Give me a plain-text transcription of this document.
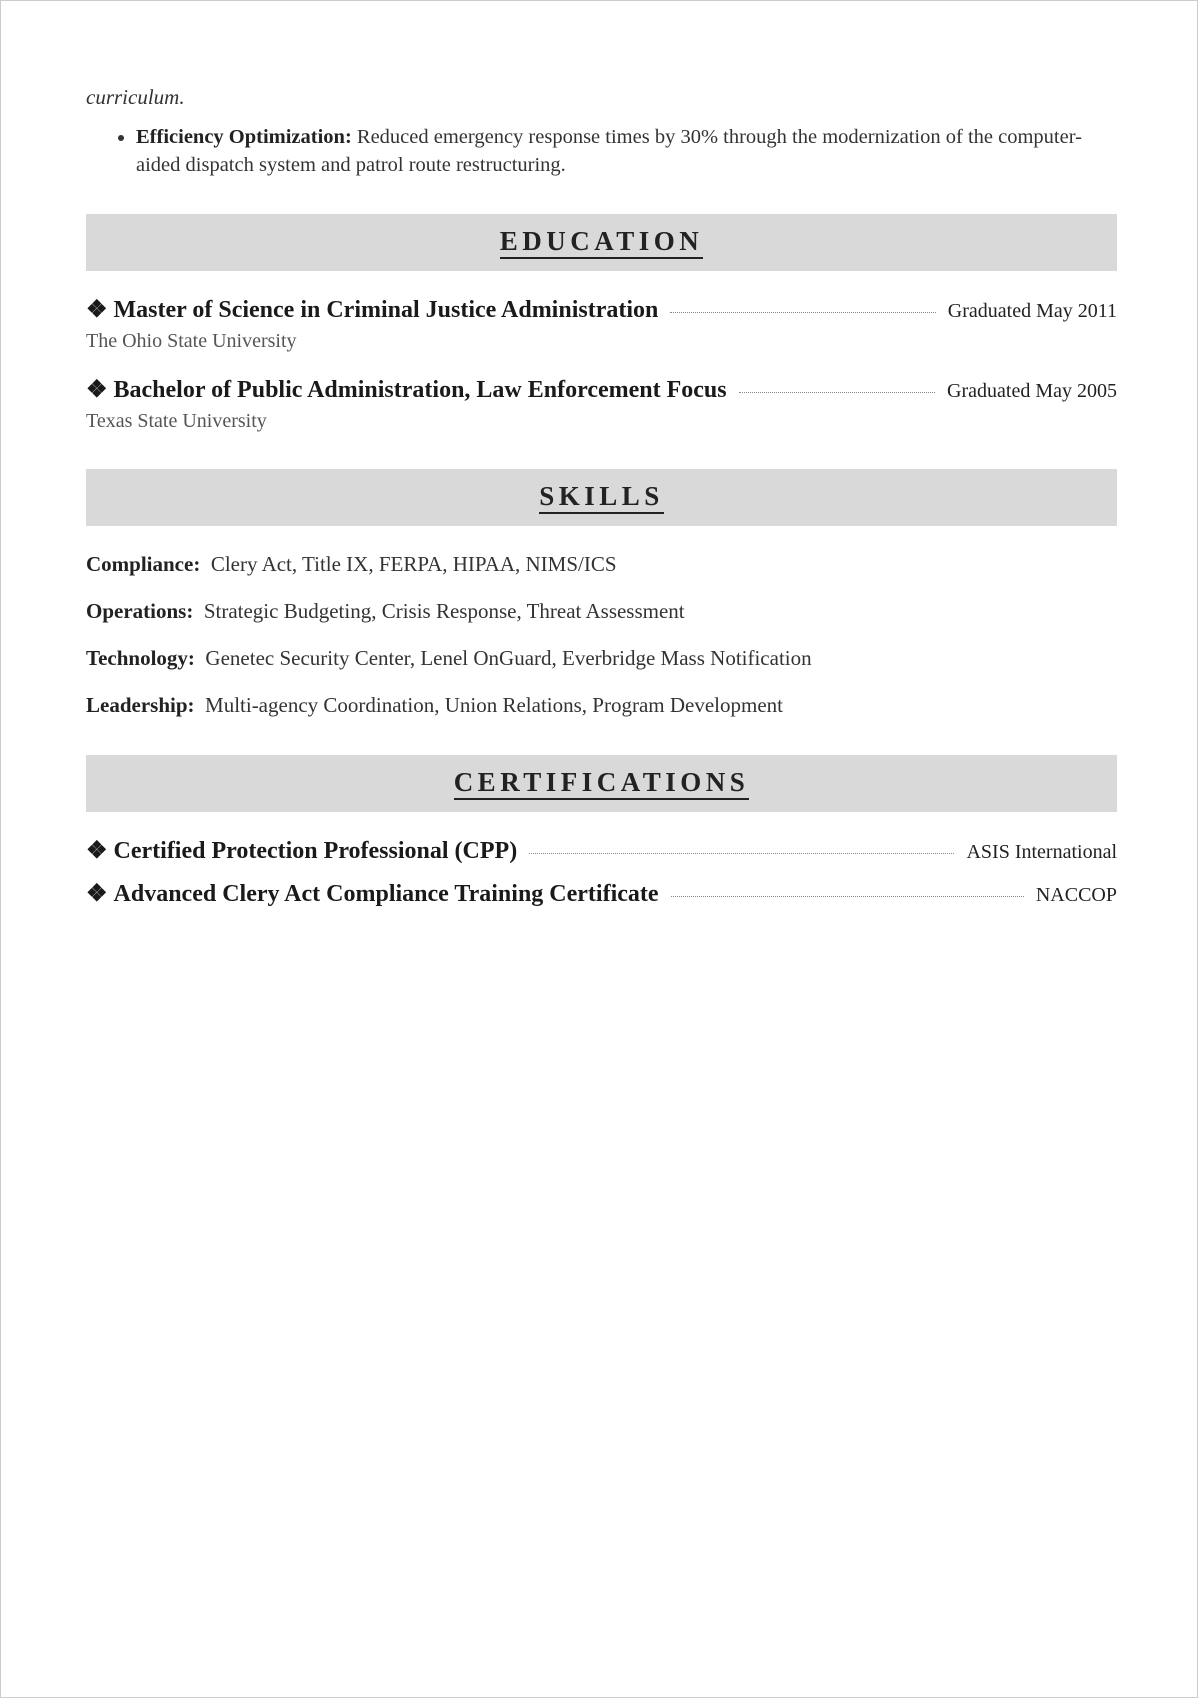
curriculum.
• Efficiency Optimization: Reduced emergency response times by 30% through the modernization of the computer-aided dispatch system and patrol route restructuring.
EDUCATION
❖ Master of Science in Criminal Justice Administration	Graduated May 2011
The Ohio State University
❖ Bachelor of Public Administration, Law Enforcement Focus	Graduated May 2005
Texas State University
SKILLS
Compliance: Clery Act, Title IX, FERPA, HIPAA, NIMS/ICS
Operations: Strategic Budgeting, Crisis Response, Threat Assessment
Technology: Genetec Security Center, Lenel OnGuard, Everbridge Mass Notification
Leadership: Multi-agency Coordination, Union Relations, Program Development
CERTIFICATIONS
❖ Certified Protection Professional (CPP)	ASIS International
❖ Advanced Clery Act Compliance Training Certificate	NACCOP
